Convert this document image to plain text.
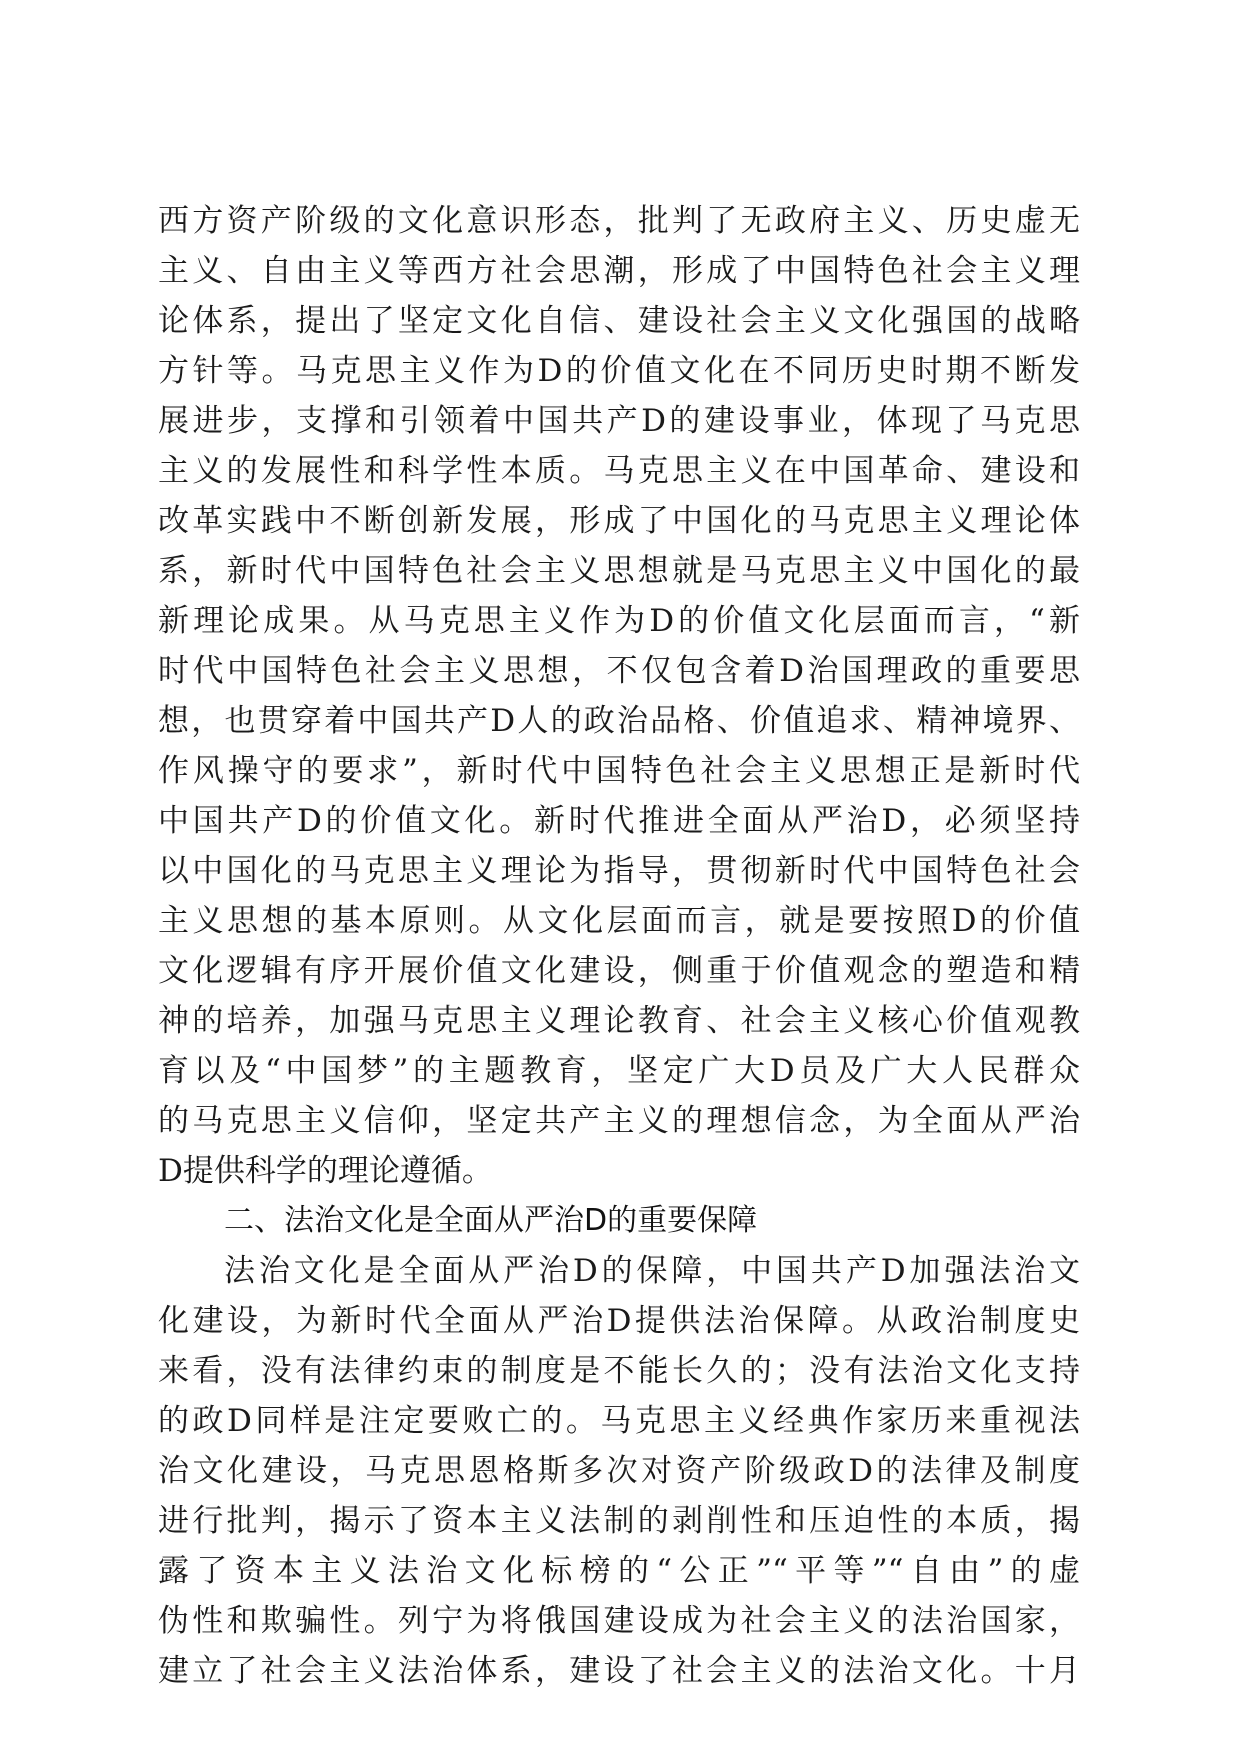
西方资产阶级的文化意识形态，批判了无政府主义、历史虚无
主义、自由主义等西方社会思潮，形成了中国特色社会主义理
论体系，提出了坚定文化自信、建设社会主义文化强国的战略
方针等。马克思主义作为D的价值文化在不同历史时期不断发
展进步，支撑和引领着中国共产D的建设事业，体现了马克思
主义的发展性和科学性本质。马克思主义在中国革命、建设和
改革实践中不断创新发展，形成了中国化的马克思主义理论体
系，新时代中国特色社会主义思想就是马克思主义中国化的最
新理论成果。从马克思主义作为D的价值文化层面而言，“新
时代中国特色社会主义思想，不仅包含着D治国理政的重要思
想，也贯穿着中国共产D人的政治品格、价值追求、精神境界、
作风操守的要求”，新时代中国特色社会主义思想正是新时代
中国共产D的价值文化。新时代推进全面从严治D，必须坚持
以中国化的马克思主义理论为指导，贯彻新时代中国特色社会
主义思想的基本原则。从文化层面而言，就是要按照D的价值
文化逻辑有序开展价值文化建设，侧重于价值观念的塑造和精
神的培养，加强马克思主义理论教育、社会主义核心价值观教
育以及“中国梦”的主题教育，坚定广大D员及广大人民群众
的马克思主义信仰，坚定共产主义的理想信念，为全面从严治
D提供科学的理论遵循。
二、法治文化是全面从严治D的重要保障
法治文化是全面从严治D的保障，中国共产D加强法治文
化建设，为新时代全面从严治D提供法治保障。从政治制度史
来看，没有法律约束的制度是不能长久的；没有法治文化支持
的政D同样是注定要败亡的。马克思主义经典作家历来重视法
治文化建设，马克思恩格斯多次对资产阶级政D的法律及制度
进行批判，揭示了资本主义法制的剥削性和压迫性的本质，揭
露了资本主义法治文化标榜的“公正”“平等”“自由”的虚
伪性和欺骗性。列宁为将俄国建设成为社会主义的法治国家，
建立了社会主义法治体系，建设了社会主义的法治文化。十月
